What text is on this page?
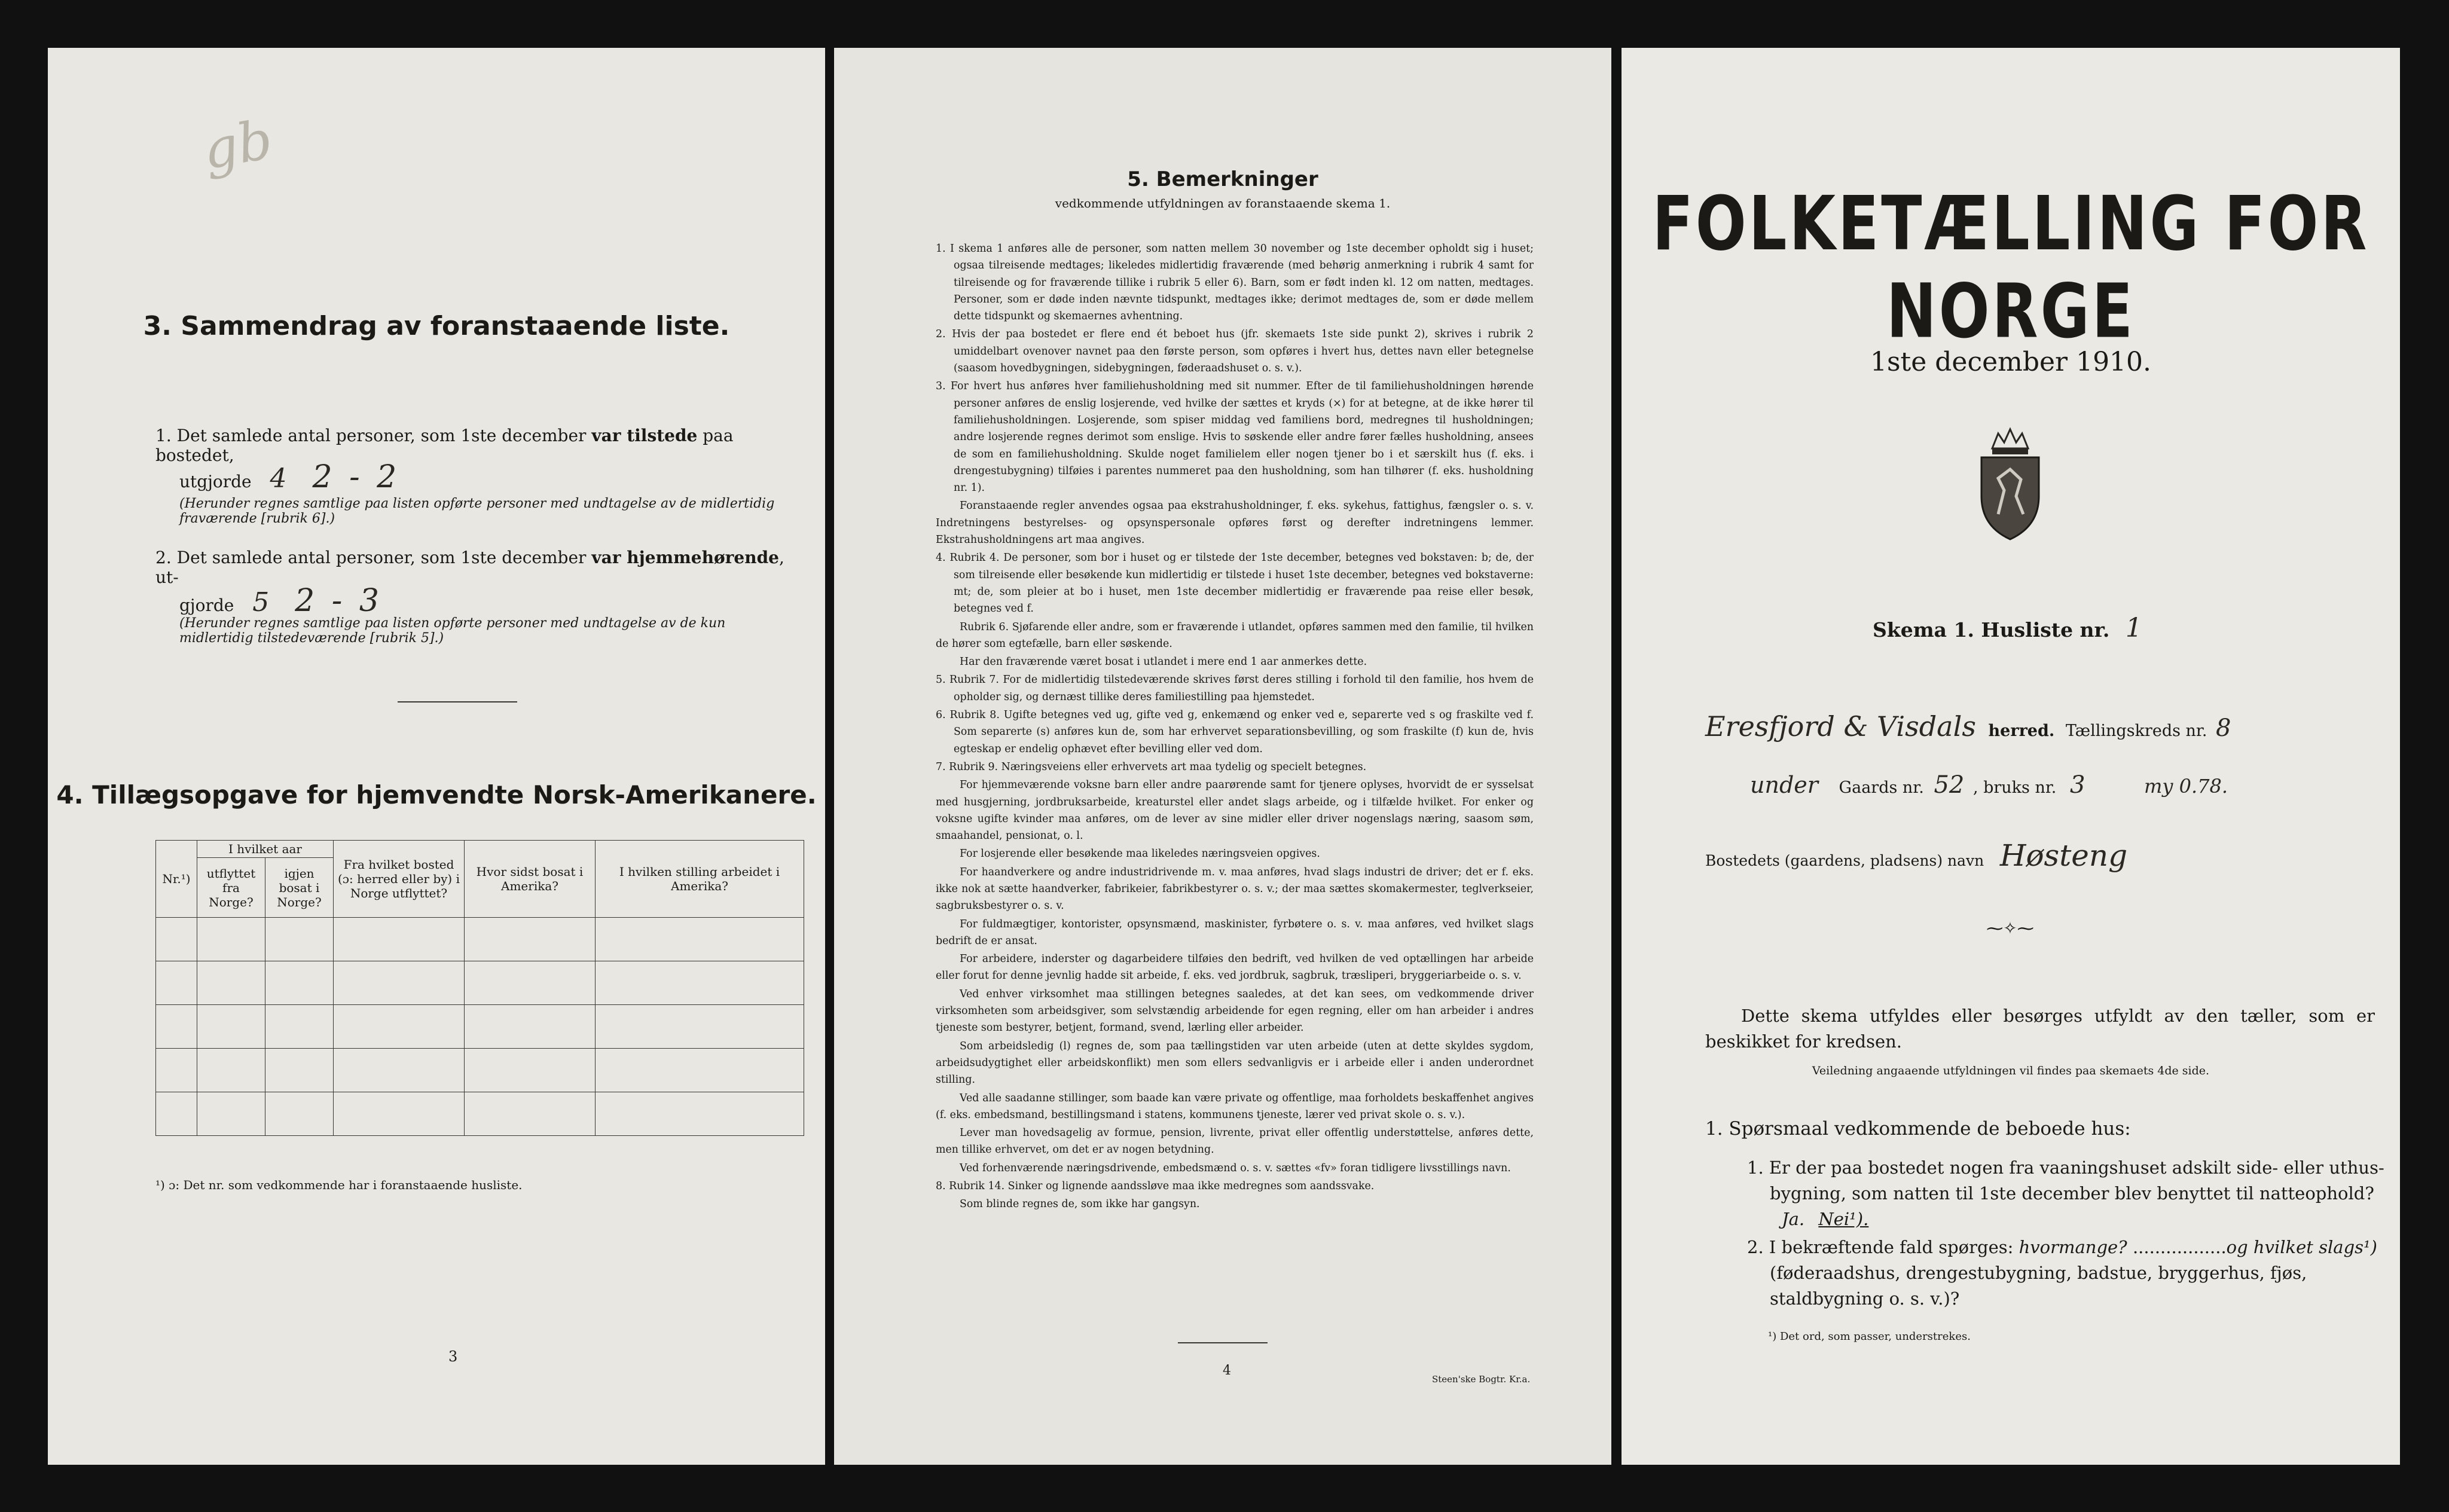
gb
3. Sammendrag av foranstaaende liste.
1. Det samlede antal personer, som 1ste december var tilstede paa bostedet,
utgjorde 4 2 - 2
(Herunder regnes samtlige paa listen opførte personer med undtagelse av de midlertidig fraværende [rubrik 6].)
2. Det samlede antal personer, som 1ste december var hjemmehørende, ut-
gjorde 5 2 - 3
(Herunder regnes samtlige paa listen opførte personer med undtagelse av de kun midlertidig tilstedeværende [rubrik 5].)
4. Tillægsopgave for hjemvendte Norsk-Amerikanere.
Nr.¹)	I hvilket aar		Fra hvilket bosted (ɔ: herred eller by) i Norge utflyttet?	Hvor sidst bosat i Amerika?	I hvilken stilling arbeidet i Amerika?
	utflyttet fra Norge?	igjen bosat i Norge?			

¹) ɔ: Det nr. som vedkommende har i foranstaaende husliste.
3
5. Bemerkninger
vedkommende utfyldningen av foranstaaende skema 1.

1. I skema 1 anføres alle de personer, som natten mellem 30 november og 1ste december opholdt sig i huset; ogsaa tilreisende medtages; likeledes midlertidig fraværende (med behørig anmerkning i rubrik 4 samt for tilreisende og for fraværende tillike i rubrik 5 eller 6). Barn, som er født inden kl. 12 om natten, medtages. Personer, som er døde inden nævnte tidspunkt, medtages ikke; derimot medtages de, som er døde mellem dette tidspunkt og skemaernes avhentning.

2. Hvis der paa bostedet er flere end ét beboet hus (jfr. skemaets 1ste side punkt 2), skrives i rubrik 2 umiddelbart ovenover navnet paa den første person, som opføres i hvert hus, dettes navn eller betegnelse (saasom hovedbygningen, sidebygningen, føderaadshuset o. s. v.).

3. For hvert hus anføres hver familiehusholdning med sit nummer. Efter de til familiehusholdningen hørende personer anføres de enslig losjerende, ved hvilke der sættes et kryds (×) for at betegne, at de ikke hører til familiehusholdningen. Losjerende, som spiser middag ved familiens bord, medregnes til husholdningen; andre losjerende regnes derimot som enslige. Hvis to søskende eller andre fører fælles husholdning, ansees de som en familiehusholdning. Skulde noget familielem eller nogen tjener bo i et særskilt hus (f. eks. i drengestubygning) tilføies i parentes nummeret paa den husholdning, som han tilhører (f. eks. husholdning nr. 1).

Foranstaaende regler anvendes ogsaa paa ekstrahusholdninger, f. eks. sykehus, fattighus, fængsler o. s. v. Indretningens bestyrelses- og opsynspersonale opføres først og derefter indretningens lemmer. Ekstrahusholdningens art maa angives.

4. Rubrik 4. De personer, som bor i huset og er tilstede der 1ste december, betegnes ved bokstaven: b; de, der som tilreisende eller besøkende kun midlertidig er tilstede i huset 1ste december, betegnes ved bokstaverne: mt; de, som pleier at bo i huset, men 1ste december midlertidig er fraværende paa reise eller besøk, betegnes ved f.

Rubrik 6. Sjøfarende eller andre, som er fraværende i utlandet, opføres sammen med den familie, til hvilken de hører som egtefælle, barn eller søskende.

Har den fraværende været bosat i utlandet i mere end 1 aar anmerkes dette.

5. Rubrik 7. For de midlertidig tilstedeværende skrives først deres stilling i forhold til den familie, hos hvem de opholder sig, og dernæst tillike deres familiestilling paa hjemstedet.

6. Rubrik 8. Ugifte betegnes ved ug, gifte ved g, enkemænd og enker ved e, separerte ved s og fraskilte ved f. Som separerte (s) anføres kun de, som har erhvervet separationsbevilling, og som fraskilte (f) kun de, hvis egteskap er endelig ophævet efter bevilling eller ved dom.

7. Rubrik 9. Næringsveiens eller erhvervets art maa tydelig og specielt betegnes.

For hjemmeværende voksne barn eller andre paarørende samt for tjenere oplyses, hvorvidt de er sysselsat med husgjerning, jordbruksarbeide, kreaturstel eller andet slags arbeide, og i tilfælde hvilket. For enker og voksne ugifte kvinder maa anføres, om de lever av sine midler eller driver nogenslags næring, saasom søm, smaahandel, pensionat, o. l.

For losjerende eller besøkende maa likeledes næringsveien opgives.

For haandverkere og andre industridrivende m. v. maa anføres, hvad slags industri de driver; det er f. eks. ikke nok at sætte haandverker, fabrikeier, fabrikbestyrer o. s. v.; der maa sættes skomakermester, teglverkseier, sagbruksbestyrer o. s. v.

For fuldmægtiger, kontorister, opsynsmænd, maskinister, fyrbøtere o. s. v. maa anføres, ved hvilket slags bedrift de er ansat.

For arbeidere, inderster og dagarbeidere tilføies den bedrift, ved hvilken de ved optællingen har arbeide eller forut for denne jevnlig hadde sit arbeide, f. eks. ved jordbruk, sagbruk, træsliperi, bryggeriarbeide o. s. v.

Ved enhver virksomhet maa stillingen betegnes saaledes, at det kan sees, om vedkommende driver virksomheten som arbeidsgiver, som selvstændig arbeidende for egen regning, eller om han arbeider i andres tjeneste som bestyrer, betjent, formand, svend, lærling eller arbeider.

Som arbeidsledig (l) regnes de, som paa tællingstiden var uten arbeide (uten at dette skyldes sygdom, arbeidsudygtighet eller arbeidskonflikt) men som ellers sedvanligvis er i arbeide eller i anden underordnet stilling.

Ved alle saadanne stillinger, som baade kan være private og offentlige, maa forholdets beskaffenhet angives (f. eks. embedsmand, bestillingsmand i statens, kommunens tjeneste, lærer ved privat skole o. s. v.).

Lever man hovedsagelig av formue, pension, livrente, privat eller offentlig understøttelse, anføres dette, men tillike erhvervet, om det er av nogen betydning.

Ved forhenværende næringsdrivende, embedsmænd o. s. v. sættes «fv» foran tidligere livsstillings navn.

8. Rubrik 14. Sinker og lignende aandssløve maa ikke medregnes som aandssvake.

Som blinde regnes de, som ikke har gangsyn.

4
Steen'ske Bogtr. Kr.a.
FOLKETÆLLING FOR NORGE
1ste december 1910.
Skema 1. Husliste nr. 1
Eresfjord & Visdals herred. Tællingskreds nr. 8
under Gaards nr. 52 , bruks nr. 3	my 0.78.
Bostedets (gaardens, pladsens) navn Høsteng
⁓✧⁓
Dette skema utfyldes eller besørges utfyldt av den tæller, som er beskikket for kredsen.
Veiledning angaaende utfyldningen vil findes paa skemaets 4de side.
1. Spørsmaal vedkommende de beboede hus:
1. Er der paa bostedet nogen fra vaaningshuset adskilt side- eller uthus-bygning, som natten til 1ste december blev benyttet til natteophold? Ja. Nei¹).
2. I bekræftende fald spørges: hvormange? .................og hvilket slags¹) (føderaadshus, drengestubygning, badstue, bryggerhus, fjøs, staldbygning o. s. v.)?
¹) Det ord, som passer, understrekes.
